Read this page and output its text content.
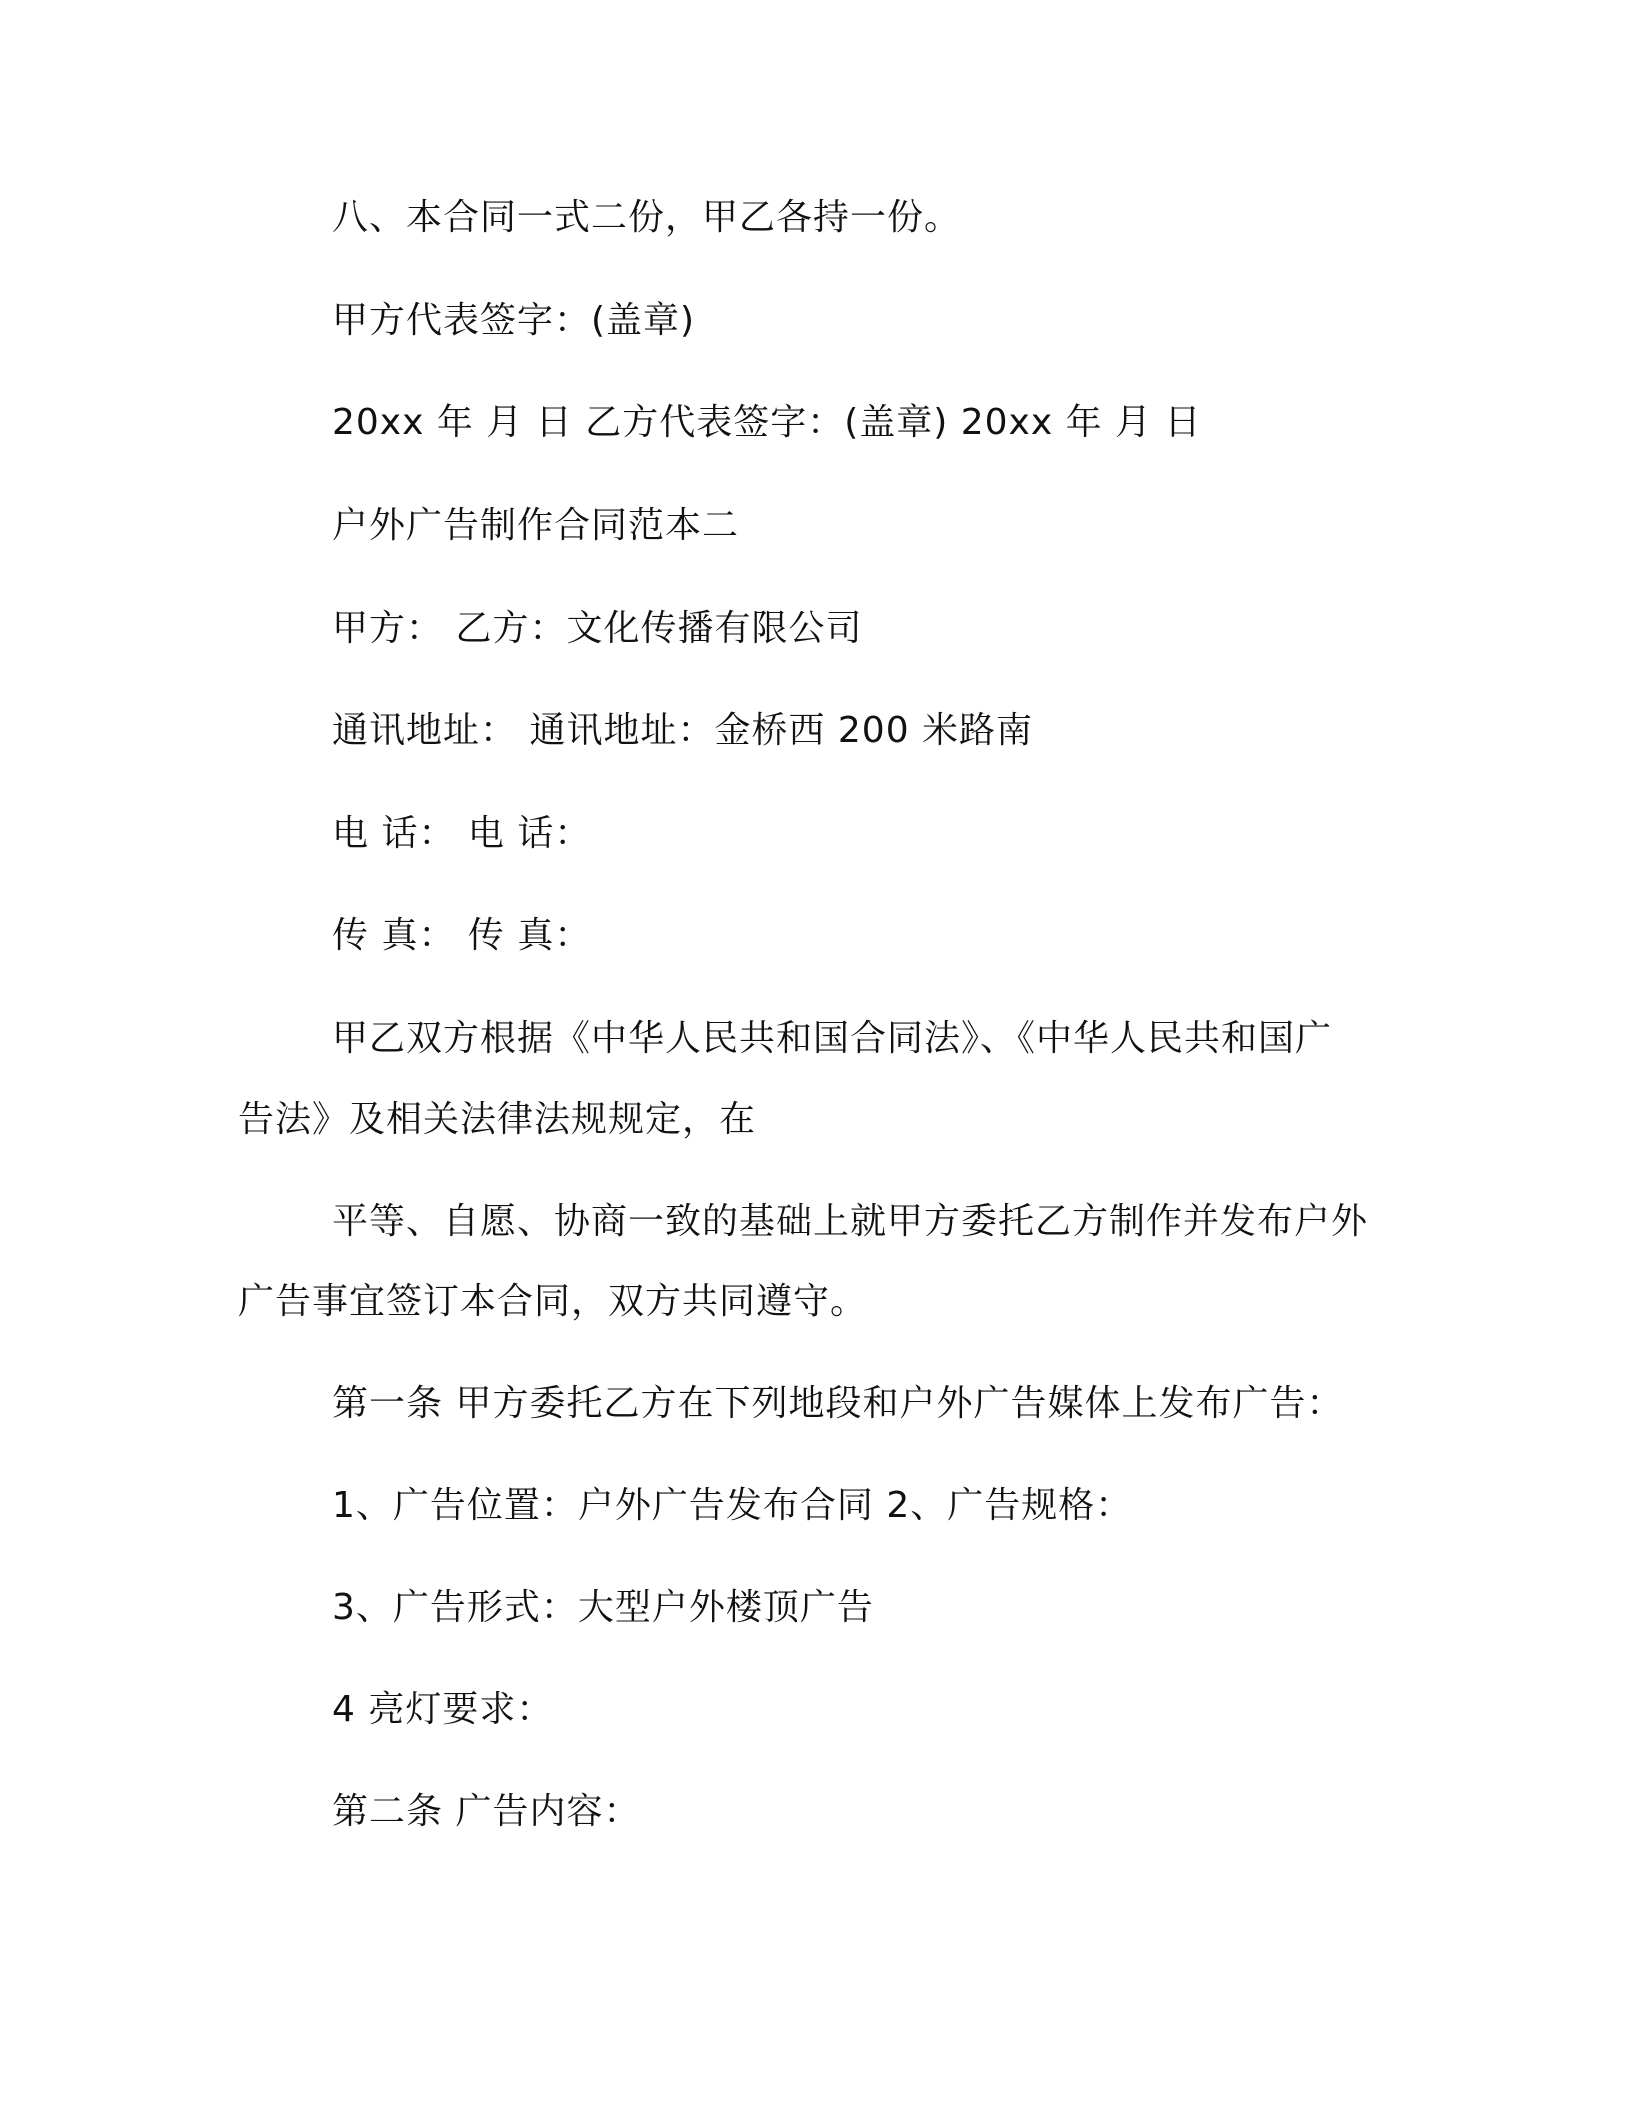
八、本合同一式二份，甲乙各持一份。
甲方代表签字：(盖章)
20xx 年 月 日 乙方代表签字：(盖章) 20xx 年 月 日
户外广告制作合同范本二
甲方： 乙方：文化传播有限公司
通讯地址： 通讯地址：金桥西 200 米路南
电 话： 电 话：
传 真： 传 真：
甲乙双方根据《中华人民共和国合同法》、《中华人民共和国广
告法》及相关法律法规规定，在
平等、自愿、协商一致的基础上就甲方委托乙方制作并发布户外
广告事宜签订本合同，双方共同遵守。
第一条 甲方委托乙方在下列地段和户外广告媒体上发布广告：
1、广告位置：户外广告发布合同 2、广告规格：
3、广告形式：大型户外楼顶广告
4 亮灯要求：
第二条 广告内容：
